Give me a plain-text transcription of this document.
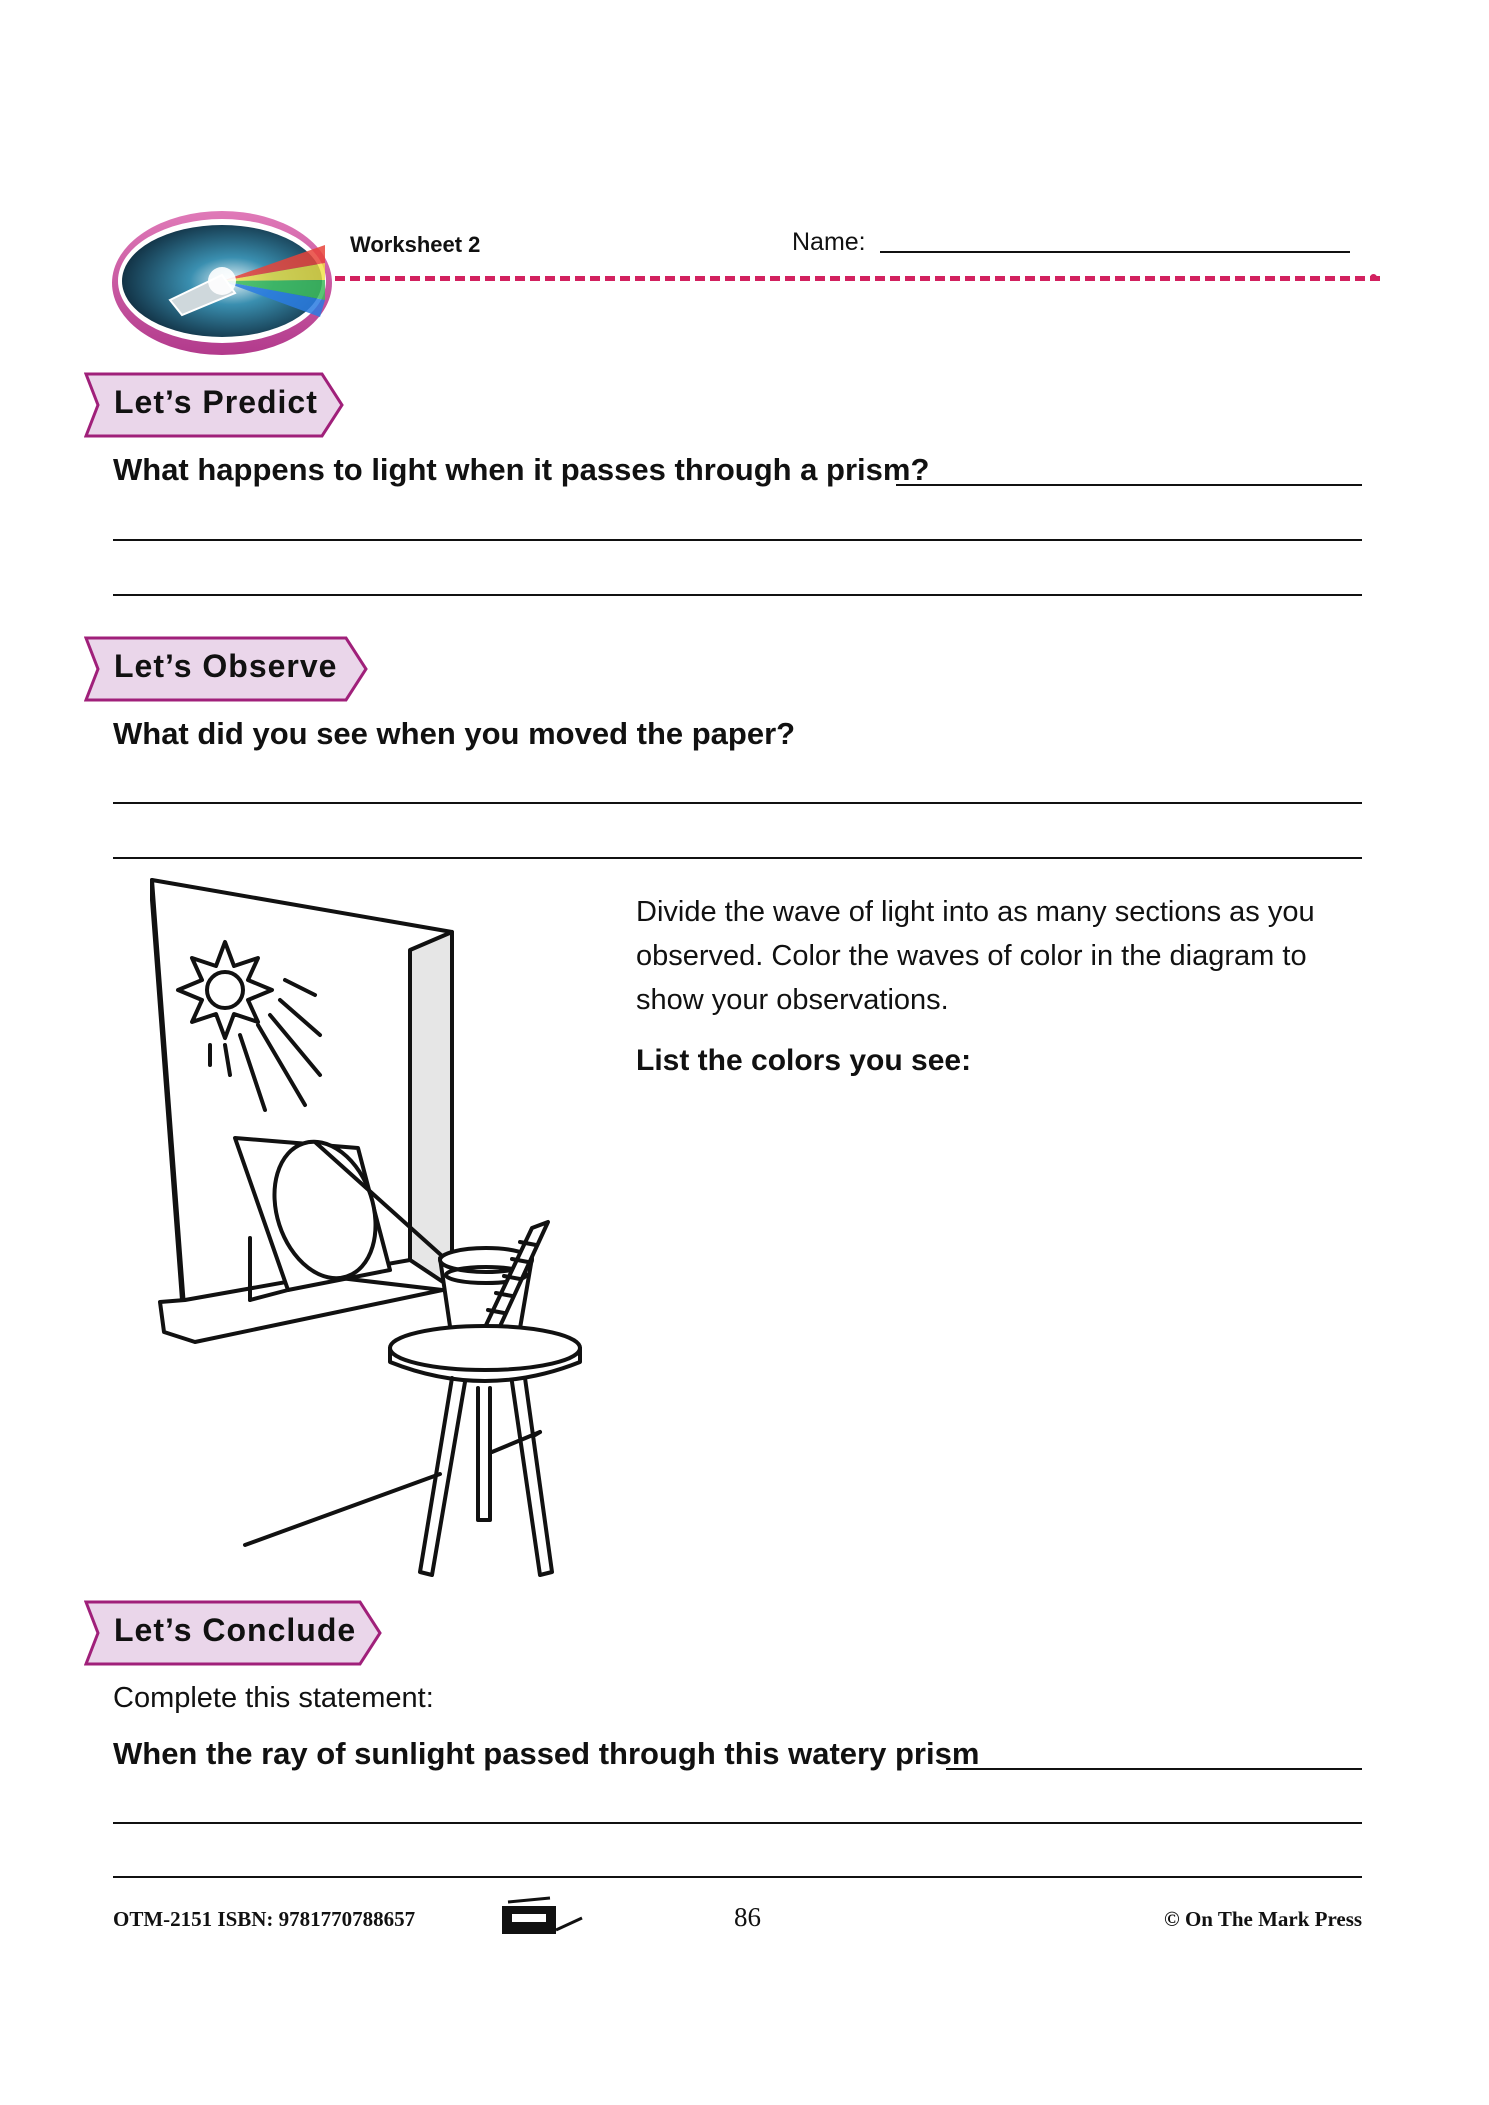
Worksheet 2	Name:
Let’s Predict
What happens to light when it passes through a prism?
Let’s Observe
What did you see when you moved the paper?
Divide the wave of light into as many sections as you observed. Color the waves of color in the diagram to show your observations.
List the colors you see:
Let’s Conclude
Complete this statement:
When the ray of sunlight passed through this watery prism
OTM-2151 ISBN: 9781770788657	86	© On The Mark Press
